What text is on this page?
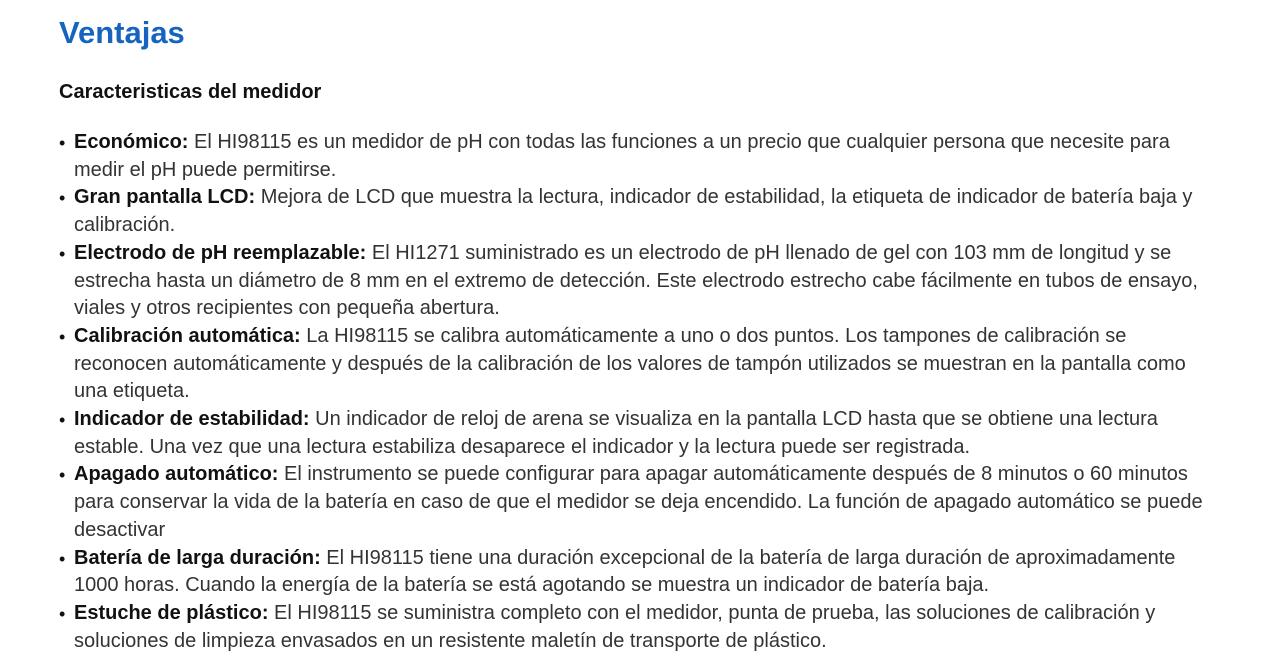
Ventajas
Caracteristicas del medidor
• Económico: El HI98115 es un medidor de pH con todas las funciones a un precio que cualquier persona que necesite para medir el pH puede permitirse.
• Gran pantalla LCD: Mejora de LCD que muestra la lectura, indicador de estabilidad, la etiqueta de indicador de batería baja y calibración.
• Electrodo de pH reemplazable: El HI1271 suministrado es un electrodo de pH llenado de gel con 103 mm de longitud y se estrecha hasta un diámetro de 8 mm en el extremo de detección. Este electrodo estrecho cabe fácilmente en tubos de ensayo, viales y otros recipientes con pequeña abertura.
• Calibración automática: La HI98115 se calibra automáticamente a uno o dos puntos. Los tampones de calibración se reconocen automáticamente y después de la calibración de los valores de tampón utilizados se muestran en la pantalla como una etiqueta.
• Indicador de estabilidad: Un indicador de reloj de arena se visualiza en la pantalla LCD hasta que se obtiene una lectura estable. Una vez que una lectura estabiliza desaparece el indicador y la lectura puede ser registrada.
• Apagado automático: El instrumento se puede configurar para apagar automáticamente después de 8 minutos o 60 minutos para conservar la vida de la batería en caso de que el medidor se deja encendido. La función de apagado automático se puede desactivar
• Batería de larga duración: El HI98115 tiene una duración excepcional de la batería de larga duración de aproximadamente 1000 horas. Cuando la energía de la batería se está agotando se muestra un indicador de batería baja.
• Estuche de plástico: El HI98115 se suministra completo con el medidor, punta de prueba, las soluciones de calibración y soluciones de limpieza envasados en un resistente maletín de transporte de plástico.
